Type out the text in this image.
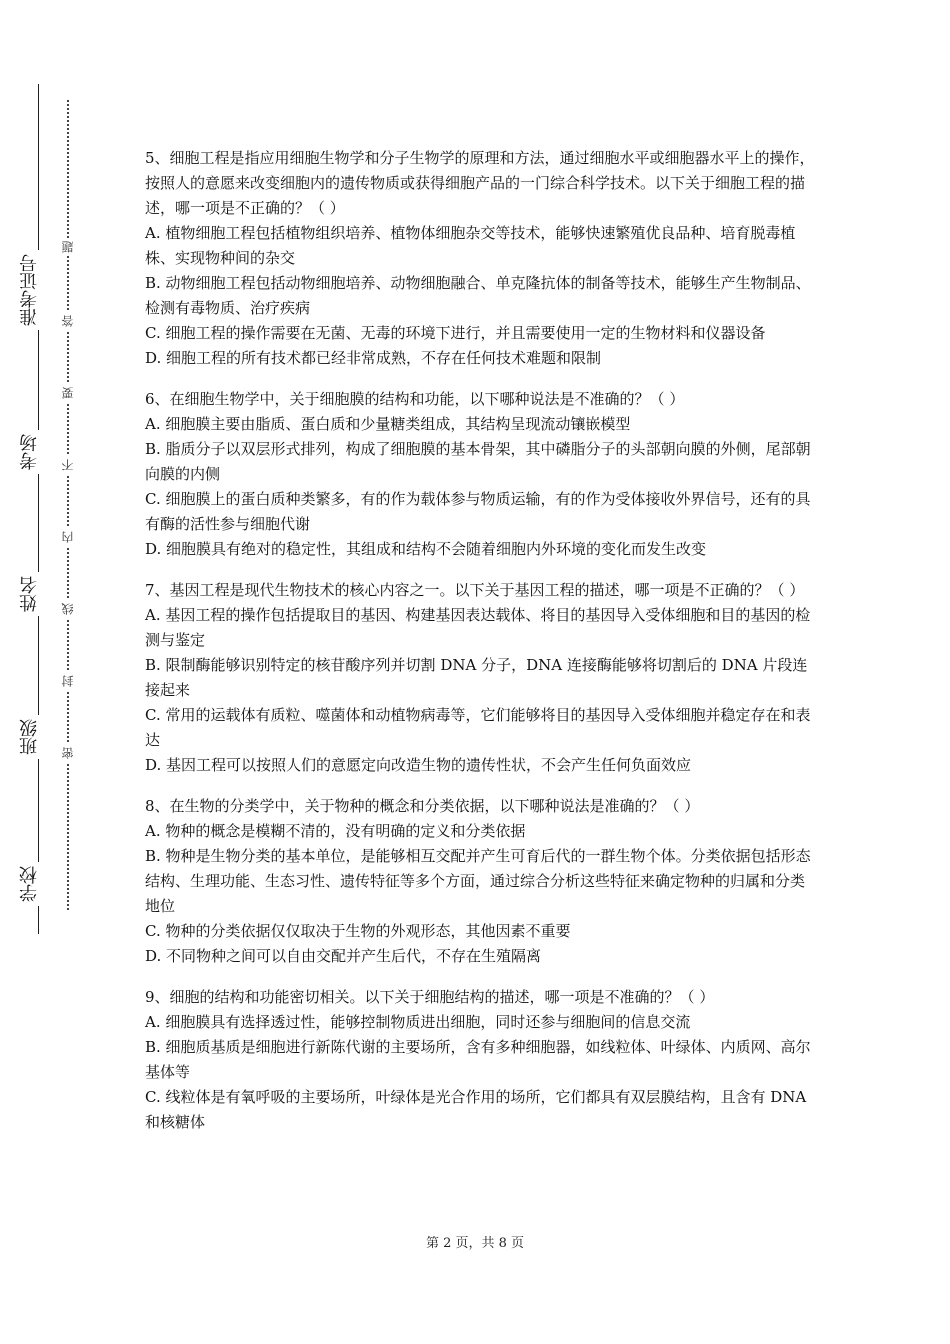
准考证号
考场
姓名
班级
学校
题
答
要
不
内
线
封
密

5、细胞工程是指应用细胞生物学和分子生物学的原理和方法，通过细胞水平或细胞器水平上的操作，按照人的意愿来改变细胞内的遗传物质或获得细胞产品的一门综合科学技术。以下关于细胞工程的描述，哪一项是不正确的？（ ）

A. 植物细胞工程包括植物组织培养、植物体细胞杂交等技术，能够快速繁殖优良品种、培育脱毒植株、实现物种间的杂交

B. 动物细胞工程包括动物细胞培养、动物细胞融合、单克隆抗体的制备等技术，能够生产生物制品、检测有毒物质、治疗疾病

C. 细胞工程的操作需要在无菌、无毒的环境下进行，并且需要使用一定的生物材料和仪器设备

D. 细胞工程的所有技术都已经非常成熟，不存在任何技术难题和限制

6、在细胞生物学中，关于细胞膜的结构和功能，以下哪种说法是不准确的？（ ）

A. 细胞膜主要由脂质、蛋白质和少量糖类组成，其结构呈现流动镶嵌模型

B. 脂质分子以双层形式排列，构成了细胞膜的基本骨架，其中磷脂分子的头部朝向膜的外侧，尾部朝向膜的内侧

C. 细胞膜上的蛋白质种类繁多，有的作为载体参与物质运输，有的作为受体接收外界信号，还有的具有酶的活性参与细胞代谢

D. 细胞膜具有绝对的稳定性，其组成和结构不会随着细胞内外环境的变化而发生改变

7、基因工程是现代生物技术的核心内容之一。以下关于基因工程的描述，哪一项是不正确的？（ ）

A. 基因工程的操作包括提取目的基因、构建基因表达载体、将目的基因导入受体细胞和目的基因的检测与鉴定

B. 限制酶能够识别特定的核苷酸序列并切割 DNA 分子，DNA 连接酶能够将切割后的 DNA 片段连接起来

C. 常用的运载体有质粒、噬菌体和动植物病毒等，它们能够将目的基因导入受体细胞并稳定存在和表达

D. 基因工程可以按照人们的意愿定向改造生物的遗传性状，不会产生任何负面效应

8、在生物的分类学中，关于物种的概念和分类依据，以下哪种说法是准确的？（ ）

A. 物种的概念是模糊不清的，没有明确的定义和分类依据

B. 物种是生物分类的基本单位，是能够相互交配并产生可育后代的一群生物个体。分类依据包括形态结构、生理功能、生态习性、遗传特征等多个方面，通过综合分析这些特征来确定物种的归属和分类地位

C. 物种的分类依据仅仅取决于生物的外观形态，其他因素不重要

D. 不同物种之间可以自由交配并产生后代，不存在生殖隔离

9、细胞的结构和功能密切相关。以下关于细胞结构的描述，哪一项是不准确的？（ ）

A. 细胞膜具有选择透过性，能够控制物质进出细胞，同时还参与细胞间的信息交流

B. 细胞质基质是细胞进行新陈代谢的主要场所，含有多种细胞器，如线粒体、叶绿体、内质网、高尔基体等

C. 线粒体是有氧呼吸的主要场所，叶绿体是光合作用的场所，它们都具有双层膜结构，且含有 DNA 和核糖体

第 2 页，共 8 页
